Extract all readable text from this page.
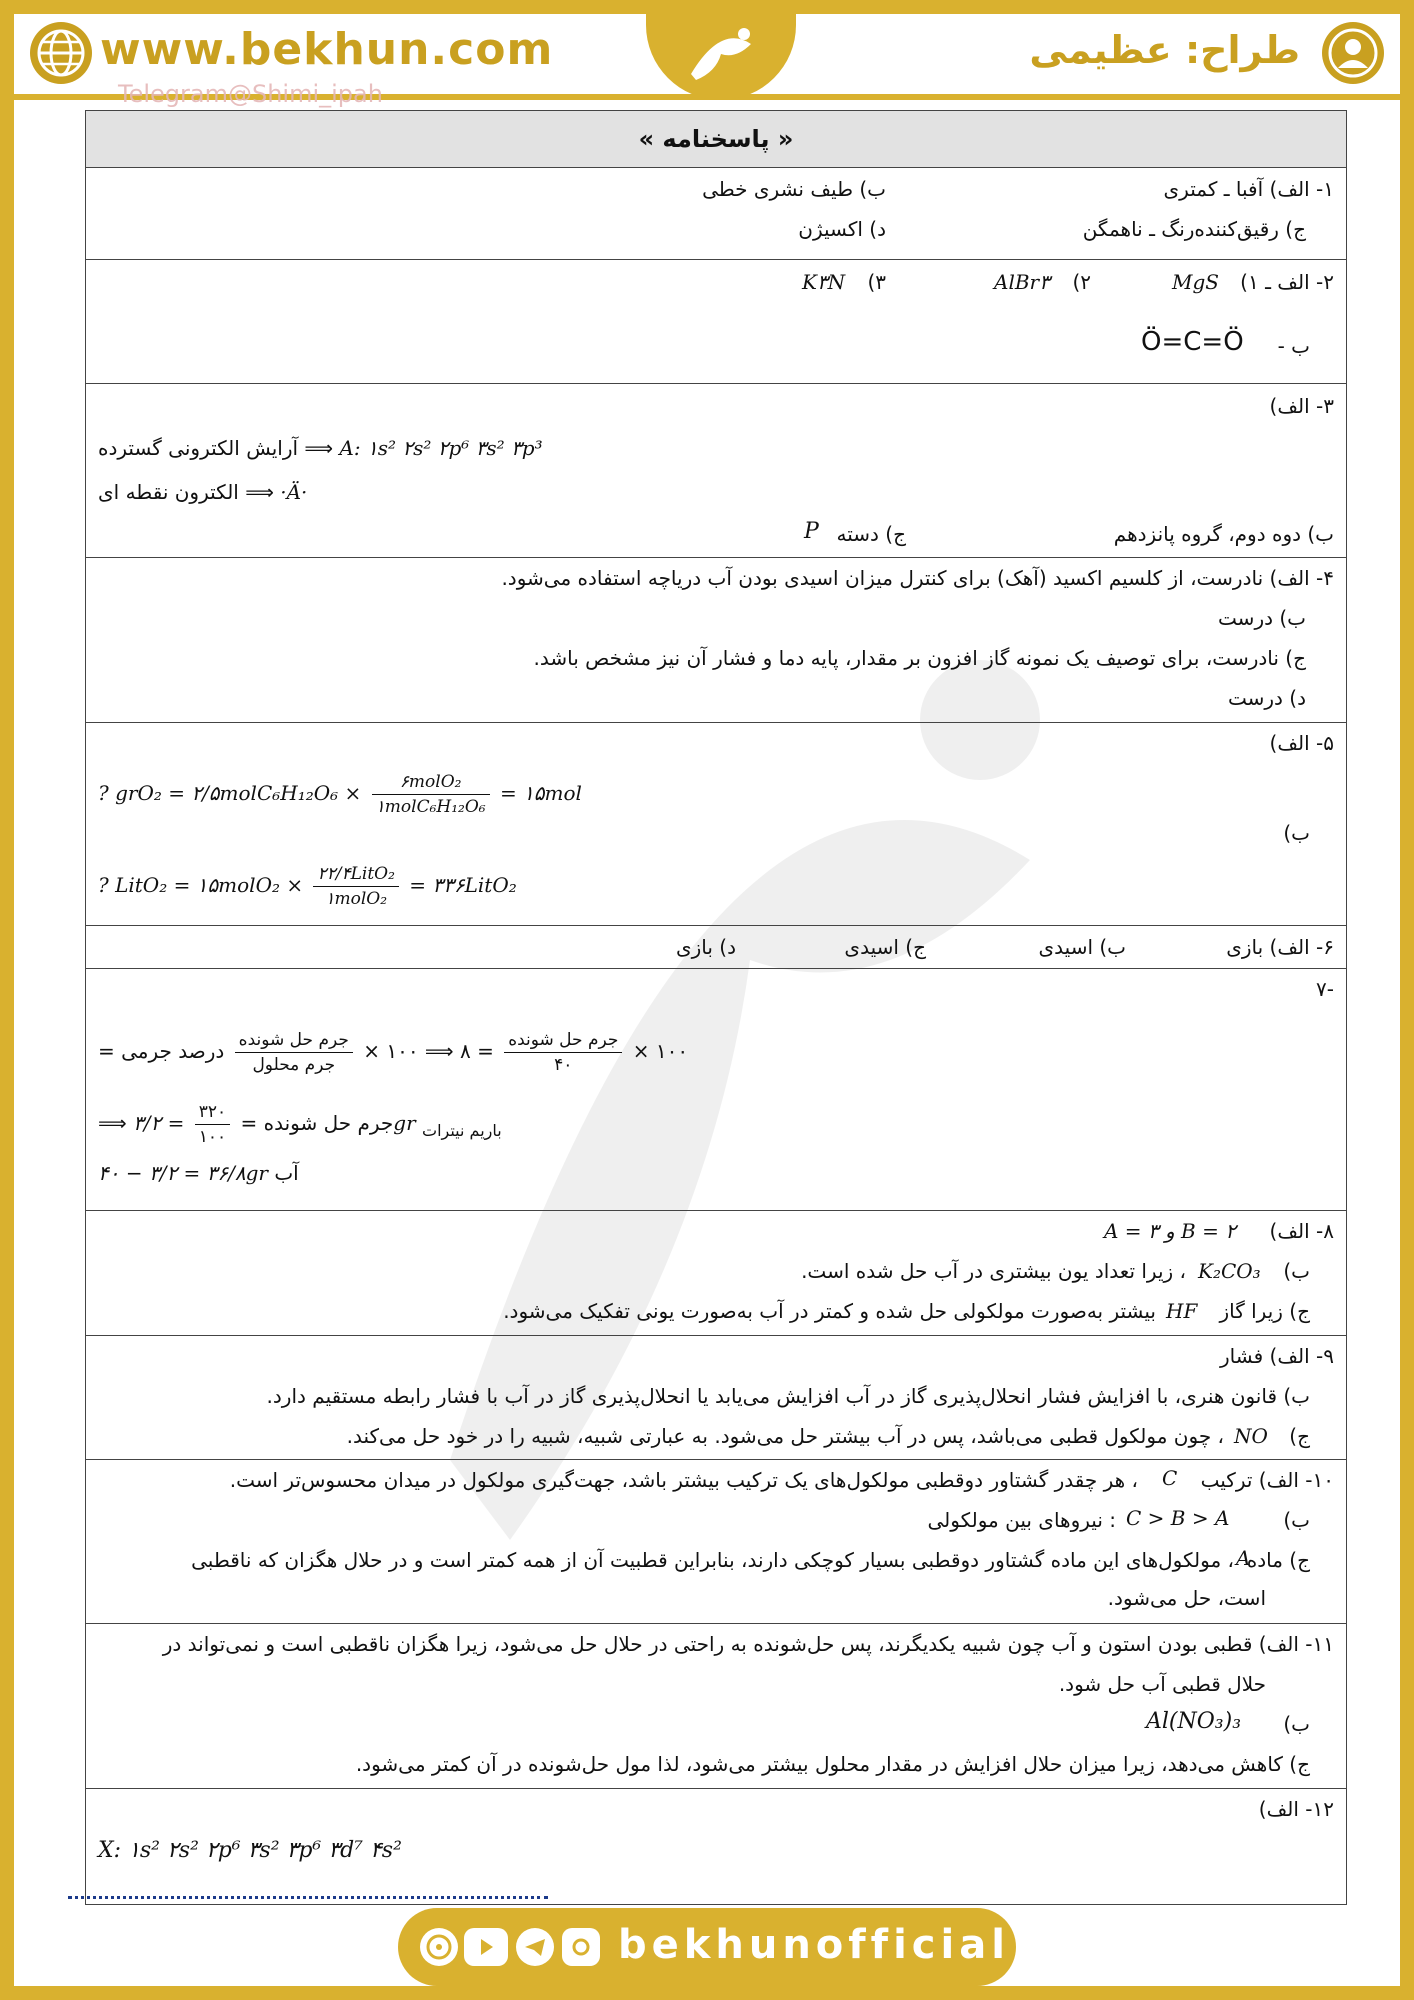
www.bekhun.com	طراح: عظیمی
Telegram@Shimi_ipah
« پاسخنامه »
۱- الف) آفبا ـ کمتری
ب) طیف نشری خطی
ج) رقیق‌کننده‌رنگ ـ ناهمگن
د) اکسیژن
۲- الف ـ ۱)
MgS
۲)
AlBr۳
۳)
K۳N
ب -
Ö=C=Ö
۳- الف)
آرایش الکترونی گسترده ⟹ A: ۱s² ۲s² ۲p⁶ ۳s² ۳p³
الکترون نقطه ای ⟹ ·Ä·
ب) دوه دوم، گروه پانزدهم
ج) دسته
P
۴- الف) نادرست، از کلسیم اکسید (آهک) برای کنترل میزان اسیدی بودن آب دریاچه استفاده می‌شود.
ب) درست
ج) نادرست، برای توصیف یک نمونه گاز افزون بر مقدار، پایه دما و فشار آن نیز مشخص باشد.
د) درست
۵- الف)
? grO₂ = ۲/۵molC₆H₁₂O₆ × $\frac{\text{۶molO₂}}{\text{۱molC₆H₁₂O₆}}$ = ۱۵mol
ب)
? LitO₂ = ۱۵molO₂ × $\frac{\text{۲۲/۴LitO₂}}{\text{۱molO₂}}$ = ۳۳۶LitO₂
۶- الف) بازی
ب) اسیدی
ج) اسیدی
د) بازی
-۷
درصد جرمی = $\frac{\text{جرم حل شونده}}{\text{جرم محلول}}$ × ۱۰۰ ⟹ ۸ = $\frac{\text{جرم حل شونده}}{۴۰}$ × ۱۰۰
⟹ جرم حل شونده =
$\frac{۳۲۰}{۱۰۰}$
= ۳/۲gr $_{باریم نیترات}$
۴۰ − ۳/۲ = ۳۶/۸gr آب
۸- الف)
A = ۳ و B = ۲
ب)
K₂CO₃
، زیرا تعداد یون بیشتری در آب حل شده است.
ج) زیرا گاز
HF
بیشتر به‌صورت مولکولی حل شده و کمتر در آب به‌صورت یونی تفکیک می‌شود.
۹- الف) فشار
ب) قانون هنری، با افزایش فشار انحلال‌پذیری گاز در آب افزایش می‌یابد یا انحلال‌پذیری گاز در آب با فشار رابطه مستقیم دارد.
ج)
NO
، چون مولکول قطبی می‌باشد، پس در آب بیشتر حل می‌شود. به عبارتی شبیه، شبیه را در خود حل می‌کند.
۱۰- الف) ترکیب
C
، هر چقدر گشتاور دوقطبی مولکول‌های یک ترکیب بیشتر باشد، جهت‌گیری مولکول در میدان محسوس‌تر است.
ب)
C > B > A
: نیروهای بین مولکولی
ج) ماده
A
، مولکول‌های این ماده گشتاور دوقطبی بسیار کوچکی دارند، بنابراین قطبیت آن از همه کمتر است و در حلال هگزان که ناقطبی
است، حل می‌شود.
۱۱- الف) قطبی بودن استون و آب چون شبیه یکدیگرند، پس حل‌شونده به راحتی در حلال حل می‌شود، زیرا هگزان ناقطبی است و نمی‌تواند در
حلال قطبی آب حل شود.
ب)
Al(NO₃)₃
ج) کاهش می‌دهد، زیرا میزان حلال افزایش در مقدار محلول بیشتر می‌شود، لذا مول حل‌شونده در آن کمتر می‌شود.
۱۲- الف)
X: ۱s² ۲s² ۲p⁶ ۳s² ۳p⁶ ۳d⁷ ۴s²
bekhunofficial
